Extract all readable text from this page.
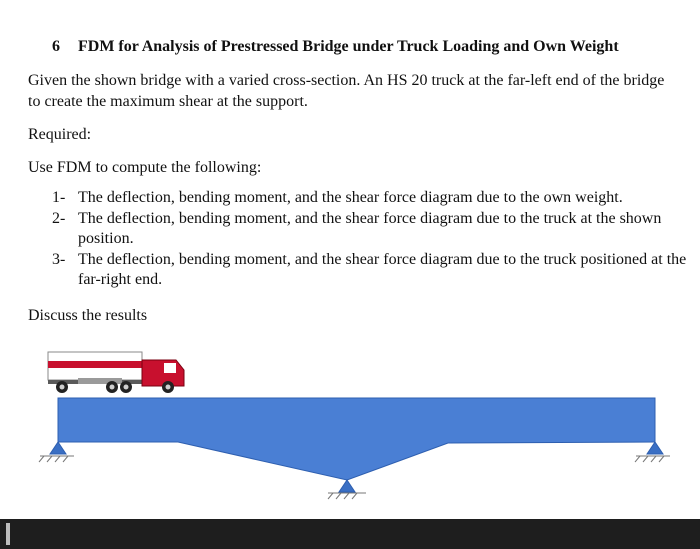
6 FDM for Analysis of Prestressed Bridge under Truck Loading and Own Weight
Given the shown bridge with a varied cross-section. An HS 20 truck at the far-left end of the bridge to create the maximum shear at the support.
Required:
Use FDM to compute the following:
1- The deflection, bending moment, and the shear force diagram due to the own weight.
2- The deflection, bending moment, and the shear force diagram due to the truck at the shown position.
3- The deflection, bending moment, and the shear force diagram due to the truck positioned at the far-right end.
Discuss the results
